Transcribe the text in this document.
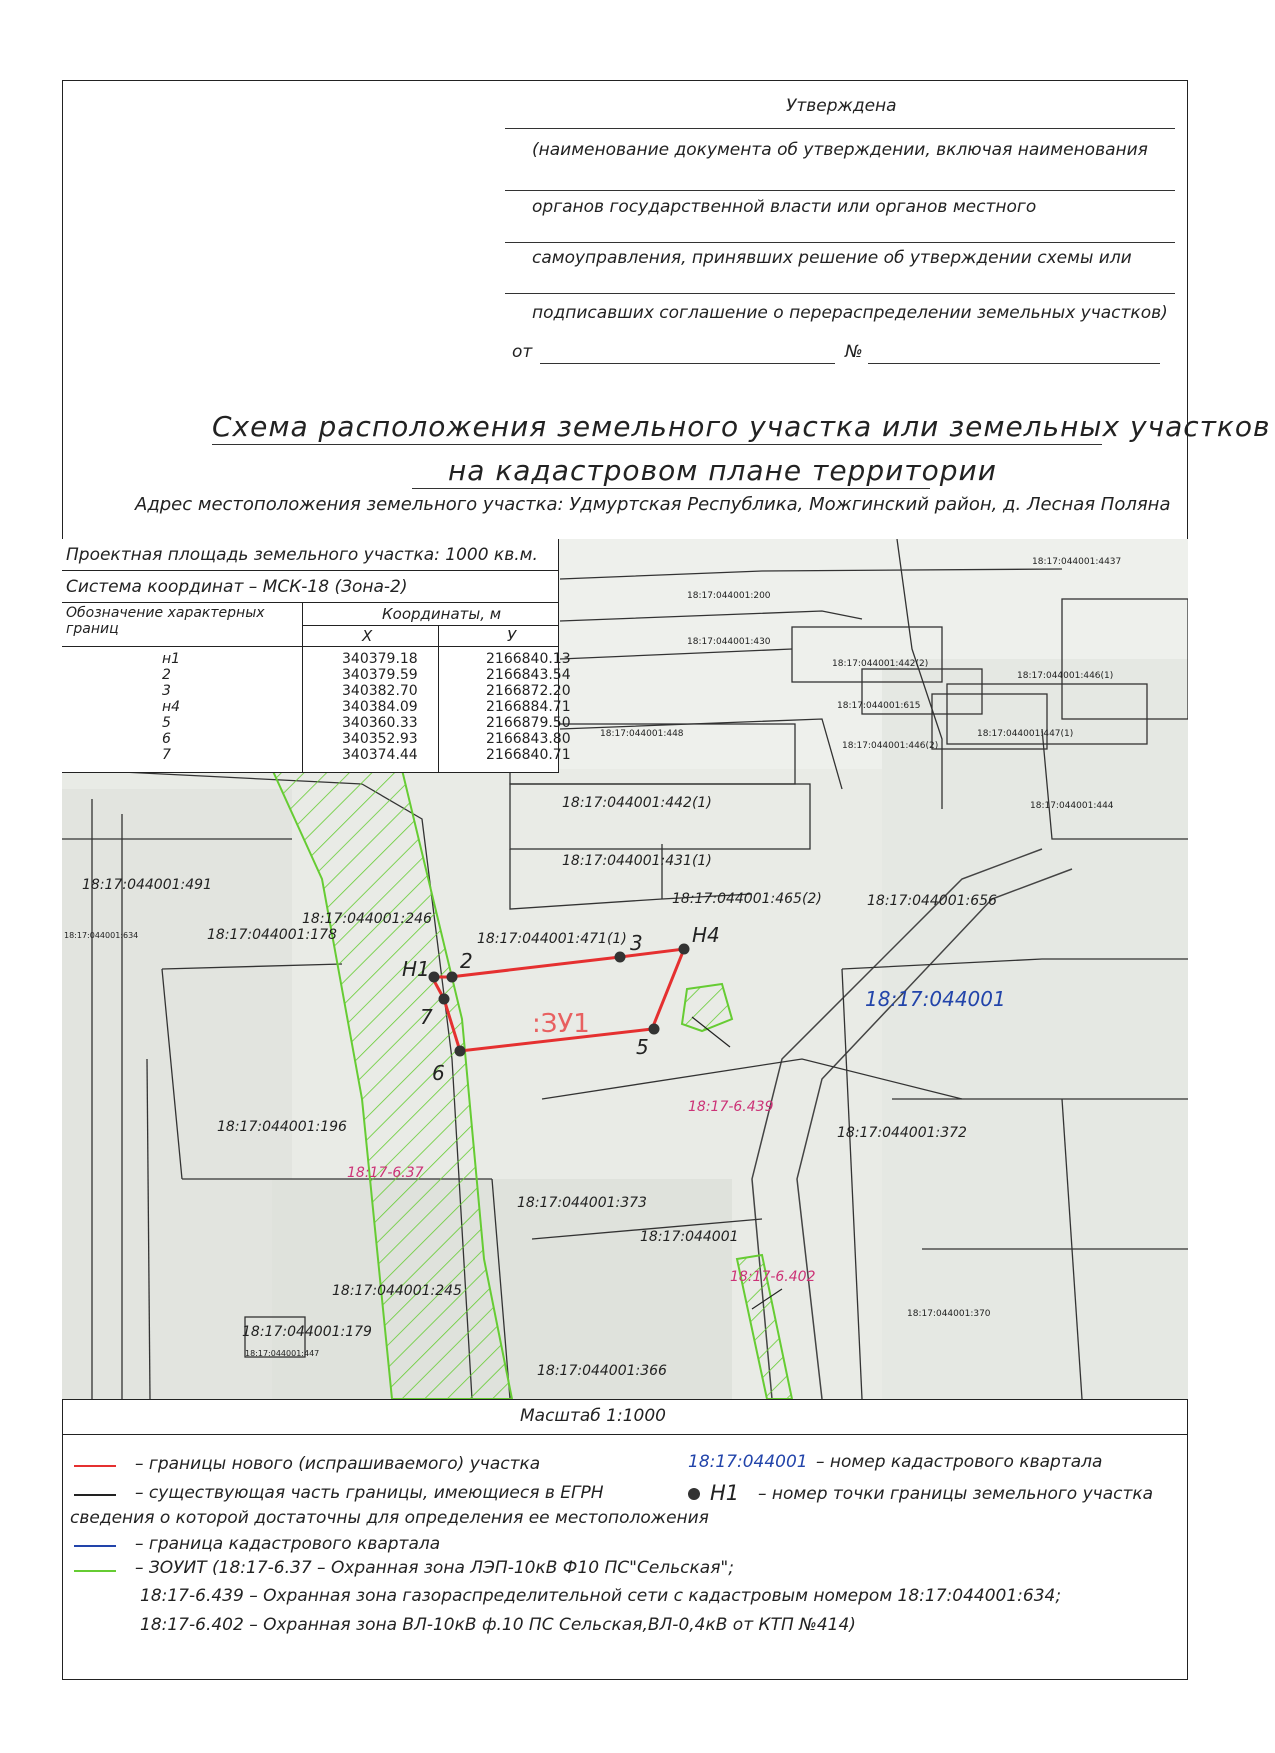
Утверждена
(наименование документа об утверждении, включая наименования
органов государственной власти или органов местного
самоуправления, принявших решение об утверждении схемы или
подписавших соглашение о перераспределении земельных участков)
от	№
Схема расположения земельного участка или земельных участков
на кадастровом плане территории
Адрес местоположения земельного участка: Удмуртская Республика, Можгинский район, д. Лесная Поляна
:ЗУ1
18:17:044001
Н1 2
3 Н4
5
6
7
18:17:044001:200
18:17:044001:430
18:17:044001:4437
18:17:044001:442(2)
18:17:044001:446(1)
18:17:044001:615
18:17:044001:447(1)
18:17:044001:448
18:17:044001:446(2)
18:17:044001:444
18:17:044001:442(1)
18:17:044001:431(1)
18:17:044001:465(2)	18:17:044001:656
18:17:044001:491
18:17:044001:178
18:17:044001:246
18:17:044001:471(1)
18:17:044001:196	18:17:044001:372
18:17:044001:373
18:17:044001
18:17:044001:245
18:17:044001:179
18:17:044001:366
18:17:044001:370
18:17:044001:447
18:17:044001:634
18:17-6.37
18:17-6.439
18:17-6.402
Проектная площадь земельного участка: 1000 кв.м.
Система координат – МСК-18 (Зона-2)
Обозначение характерных границ
Координаты, м
X	У
н1	340379.18	2166840.13
2	340379.59	2166843.54
3	340382.70	2166872.20
н4	340384.09	2166884.71
5	340360.33	2166879.50
6	340352.93	2166843.80
7	340374.44	2166840.71
Масштаб 1:1000
– границы нового (испрашиваемого) участка
– существующая часть границы, имеющиеся в ЕГРН
сведения о которой достаточны для определения ее местоположения
– граница кадастрового квартала
– ЗОУИТ (18:17-6.37 – Охранная зона ЛЭП-10кВ Ф10 ПС"Сельская";
18:17-6.439 – Охранная зона газораспределительной сети с кадастровым номером 18:17:044001:634;
18:17-6.402 – Охранная зона ВЛ-10кВ ф.10 ПС Сельская,ВЛ-0,4кВ от КТП №414)
18:17:044001 – номер кадастрового квартала
Н1 – номер точки границы земельного участка
